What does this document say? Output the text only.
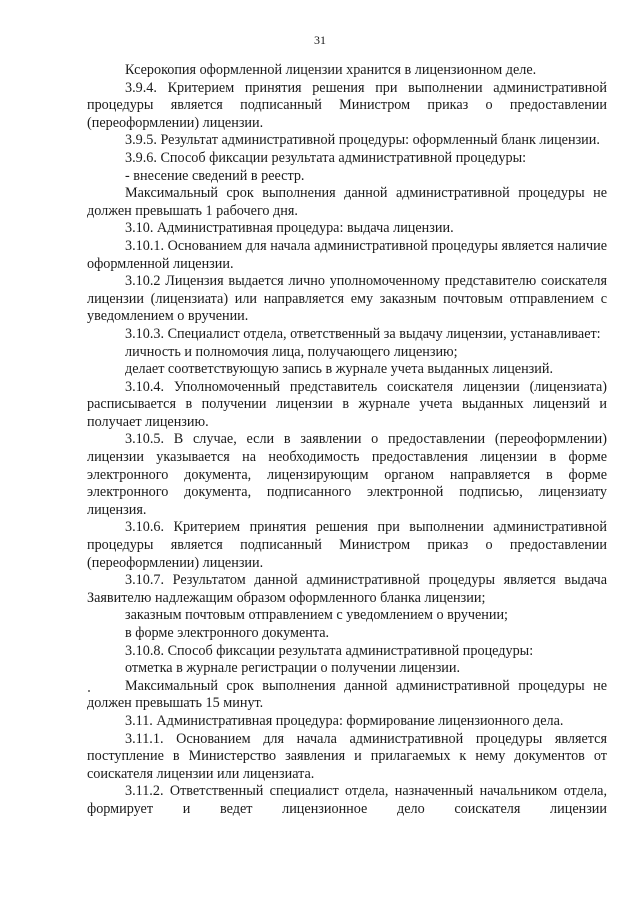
31

Ксерокопия оформленной лицензии хранится в лицензионном деле.

3.9.4. Критерием принятия решения при выполнении административной процедуры является подписанный Министром приказ о предоставлении (переоформлении) лицензии.

3.9.5. Результат административной процедуры: оформленный бланк лицензии.

3.9.6. Способ фиксации результата административной процедуры:

- внесение сведений в реестр.

Максимальный срок выполнения данной административной процедуры не должен превышать 1 рабочего дня.

3.10. Административная процедура: выдача лицензии.

3.10.1. Основанием для начала административной процедуры является наличие оформленной лицензии.

3.10.2 Лицензия выдается лично уполномоченному представителю соискателя лицензии (лицензиата) или направляется ему заказным почтовым отправлением с уведомлением о вручении.

3.10.3. Специалист отдела, ответственный за выдачу лицензии, устанавливает:

личность и полномочия лица, получающего лицензию;

делает соответствующую запись в журнале учета выданных лицензий.

3.10.4. Уполномоченный представитель соискателя лицензии (лицензиата) расписывается в получении лицензии в журнале учета выданных лицензий и получает лицензию.

3.10.5. В случае, если в заявлении о предоставлении (переоформлении) лицензии указывается на необходимость предоставления лицензии в форме электронного документа, лицензирующим органом направляется в форме электронного документа, подписанного электронной подписью, лицензиату лицензия.

3.10.6. Критерием принятия решения при выполнении административной процедуры является подписанный Министром приказ о предоставлении (переоформлении) лицензии.

3.10.7. Результатом данной административной процедуры является выдача Заявителю надлежащим образом оформленного бланка лицензии;

заказным почтовым отправлением с уведомлением о вручении;

в форме электронного документа.

3.10.8. Способ фиксации результата административной процедуры:

отметка в журнале регистрации о получении лицензии.

Максимальный срок выполнения данной административной процедуры не должен превышать 15 минут.

3.11. Административная процедура: формирование лицензионного дела.

3.11.1. Основанием для начала административной процедуры является поступление в Министерство заявления и прилагаемых к нему документов от соискателя лицензии или лицензиата.

3.11.2. Ответственный специалист отдела, назначенный начальником отдела, формирует и ведет лицензионное дело соискателя лицензии
